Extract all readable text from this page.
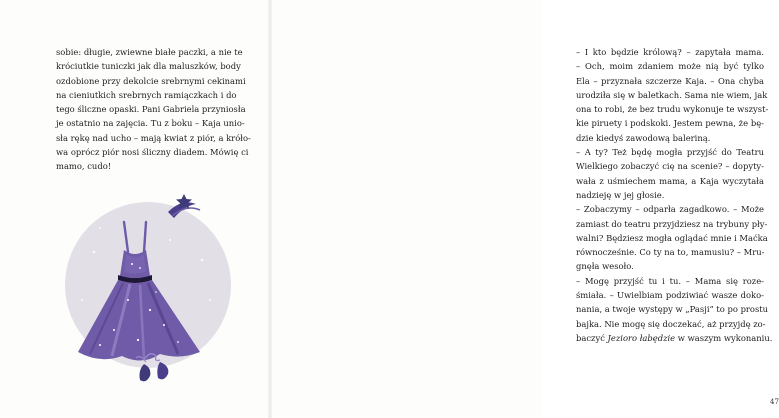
sobie: długie, zwiewne białe paczki, a nie te
króciutkie tuniczki jak dla maluszków, body
ozdobione przy dekolcie srebrnymi cekinami
na cieniutkich srebrnych ramiączkach i do
tego śliczne opaski. Pani Gabriela przyniosła
je ostatnio na zajęcia. Tu z boku – Kaja unio-
sła rękę nad ucho – mają kwiat z piór, a króło-
wa oprócz piór nosi śliczny diadem. Mówię ci
mamo, cudo!
– I kto będzie królową? – zapytała mama.
– Och, moim zdaniem może nią być tylko
Ela – przyznała szczerze Kaja. – Ona chyba
urodziła się w baletkach. Sama nie wiem, jak
ona to robi, że bez trudu wykonuje te wszyst-
kie piruety i podskoki. Jestem pewna, że bę-
dzie kiedyś zawodową baleriną.
– A ty? Też będę mogła przyjść do Teatru
Wielkiego zobaczyć cię na scenie? – dopyty-
wała z uśmiechem mama, a Kaja wyczytała
nadzieję w jej głosie.
– Zobaczymy – odparła zagadkowo. – Może
zamiast do teatru przyjdziesz na trybuny pły-
walni? Będziesz mogła oglądać mnie i Maćka
równocześnie. Co ty na to, mamusiu? – Mru-
gnęła wesoło.
– Mogę przyjść tu i tu. – Mama się roze-
śmiała. – Uwielbiam podziwiać wasze doko-
nania, a twoje występy w „Pasji” to po prostu
bajka. Nie mogę się doczekać, aż przyjdę zo-
baczyć Jezioro łabędzie w waszym wykonaniu.
47
